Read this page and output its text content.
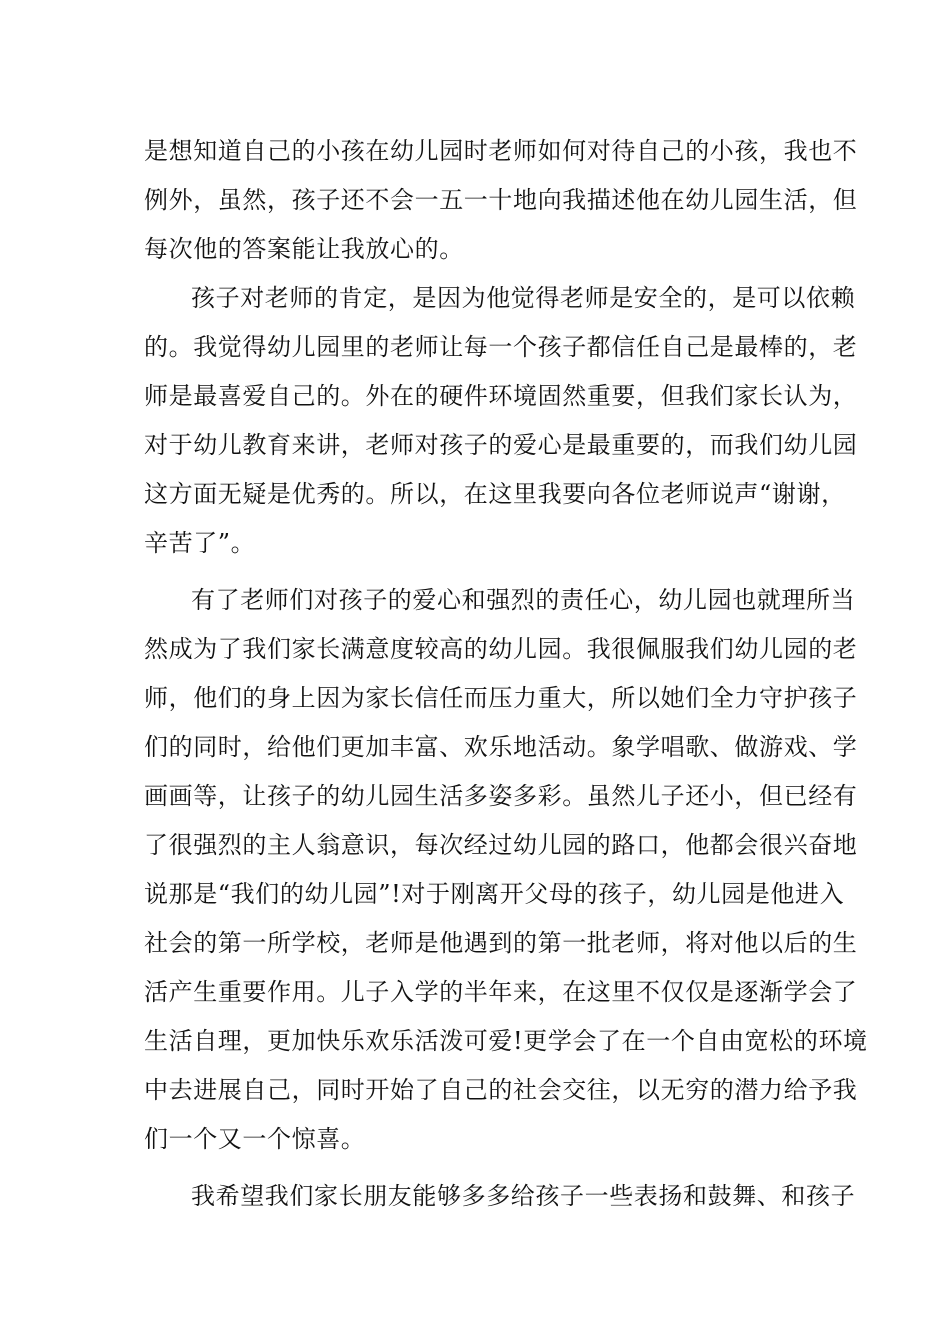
是想知道自己的小孩在幼儿园时老师如何对待自己的小孩，我也不

例外，虽然，孩子还不会一五一十地向我描述他在幼儿园生活，但

每次他的答案能让我放心的。

孩子对老师的肯定，是因为他觉得老师是安全的，是可以依赖

的。我觉得幼儿园里的老师让每一个孩子都信任自己是最棒的，老

师是最喜爱自己的。外在的硬件环境固然重要，但我们家长认为，

对于幼儿教育来讲，老师对孩子的爱心是最重要的，而我们幼儿园

这方面无疑是优秀的。所以，在这里我要向各位老师说声“谢谢，

辛苦了”。

有了老师们对孩子的爱心和强烈的责任心，幼儿园也就理所当

然成为了我们家长满意度较高的幼儿园。我很佩服我们幼儿园的老

师，他们的身上因为家长信任而压力重大，所以她们全力守护孩子

们的同时，给他们更加丰富、欢乐地活动。象学唱歌、做游戏、学

画画等，让孩子的幼儿园生活多姿多彩。虽然儿子还小，但已经有

了很强烈的主人翁意识，每次经过幼儿园的路口，他都会很兴奋地

说那是“我们的幼儿园”!对于刚离开父母的孩子，幼儿园是他进入

社会的第一所学校，老师是他遇到的第一批老师，将对他以后的生

活产生重要作用。儿子入学的半年来，在这里不仅仅是逐渐学会了

生活自理，更加快乐欢乐活泼可爱!更学会了在一个自由宽松的环境

中去进展自己，同时开始了自己的社会交往，以无穷的潜力给予我

们一个又一个惊喜。

我希望我们家长朋友能够多多给孩子一些表扬和鼓舞、和孩子
